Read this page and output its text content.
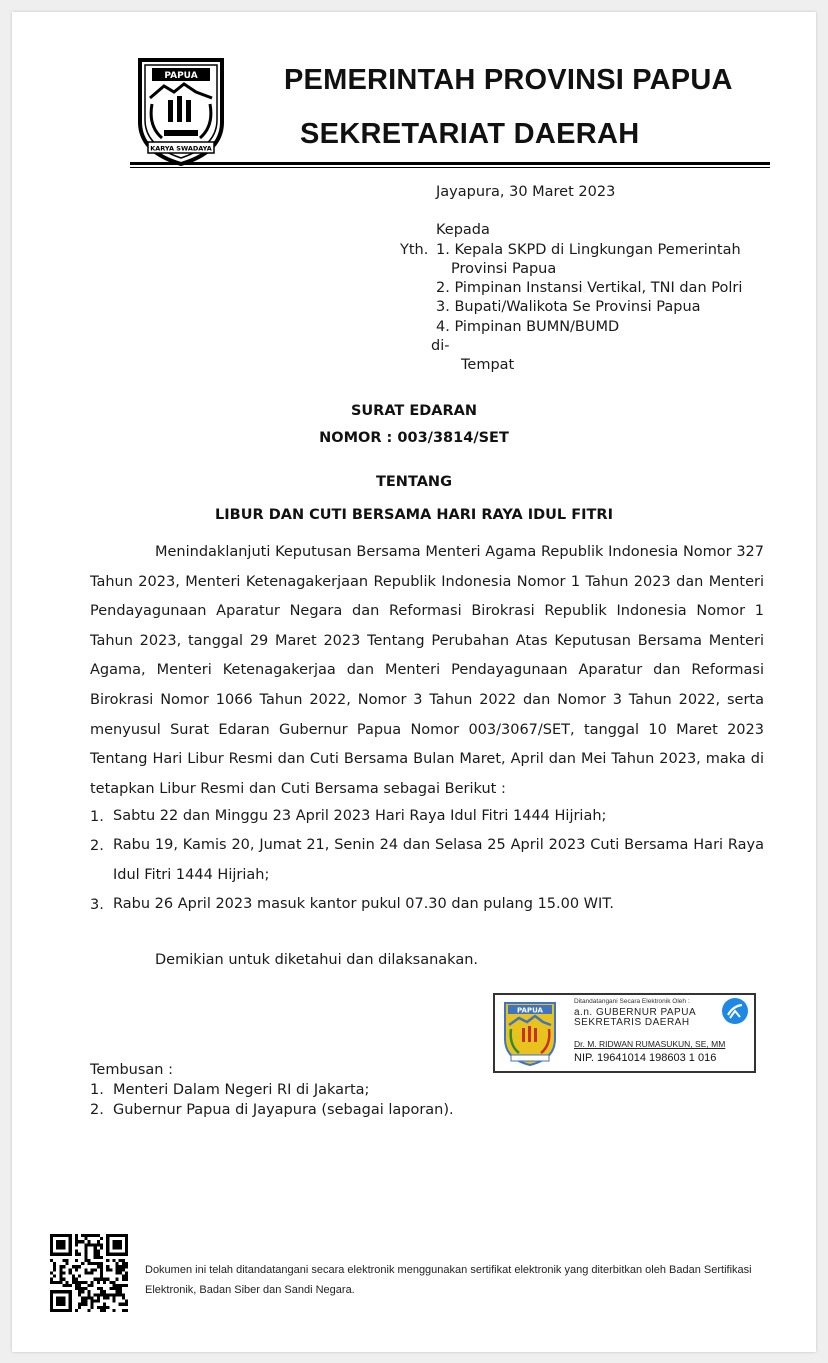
PAPUA
KARYA SWADAYA
PEMERINTAH PROVINSI PAPUA
SEKRETARIAT DAERAH
Jayapura, 30 Maret 2023
Kepada
Yth. 1. Kepala SKPD di Lingkungan Pemerintah
Provinsi Papua
2. Pimpinan Instansi Vertikal, TNI dan Polri
3. Bupati/Walikota Se Provinsi Papua
4. Pimpinan BUMN/BUMD
di-
Tempat
SURAT EDARAN
NOMOR : 003/3814/SET
TENTANG
LIBUR DAN CUTI BERSAMA HARI RAYA IDUL FITRI
Menindaklanjuti Keputusan Bersama Menteri Agama Republik Indonesia Nomor 327 Tahun 2023, Menteri Ketenagakerjaan Republik Indonesia Nomor 1 Tahun 2023 dan Menteri Pendayagunaan Aparatur Negara dan Reformasi Birokrasi Republik Indonesia Nomor 1 Tahun 2023, tanggal 29 Maret 2023 Tentang Perubahan Atas Keputusan Bersama Menteri Agama, Menteri Ketenagakerjaa dan Menteri Pendayagunaan Aparatur dan Reformasi Birokrasi Nomor 1066 Tahun 2022, Nomor 3 Tahun 2022 dan Nomor 3 Tahun 2022, serta menyusul Surat Edaran Gubernur Papua Nomor 003/3067/SET, tanggal 10 Maret 2023 Tentang Hari Libur Resmi dan Cuti Bersama Bulan Maret, April dan Mei Tahun 2023, maka di tetapkan Libur Resmi dan Cuti Bersama sebagai Berikut :
1. Sabtu 22 dan Minggu 23 April 2023 Hari Raya Idul Fitri 1444 Hijriah;
2. Rabu 19, Kamis 20, Jumat 21, Senin 24 dan Selasa 25 April 2023 Cuti Bersama Hari Raya Idul Fitri 1444 Hijriah;
3. Rabu 26 April 2023 masuk kantor pukul 07.30 dan pulang 15.00 WIT.
Demikian untuk diketahui dan dilaksanakan.
PAPUA
Ditandatangani Secara Elektronik Oleh :
a.n. GUBERNUR PAPUA
SEKRETARIS DAERAH
Dr. M. RIDWAN RUMASUKUN, SE, MM
NIP. 19641014 198603 1 016
Tembusan :
1. Menteri Dalam Negeri RI di Jakarta;
2. Gubernur Papua di Jayapura (sebagai laporan).
Dokumen ini telah ditandatangani secara elektronik menggunakan sertifikat elektronik yang diterbitkan oleh Badan Sertifikasi Elektronik, Badan Siber dan Sandi Negara.
